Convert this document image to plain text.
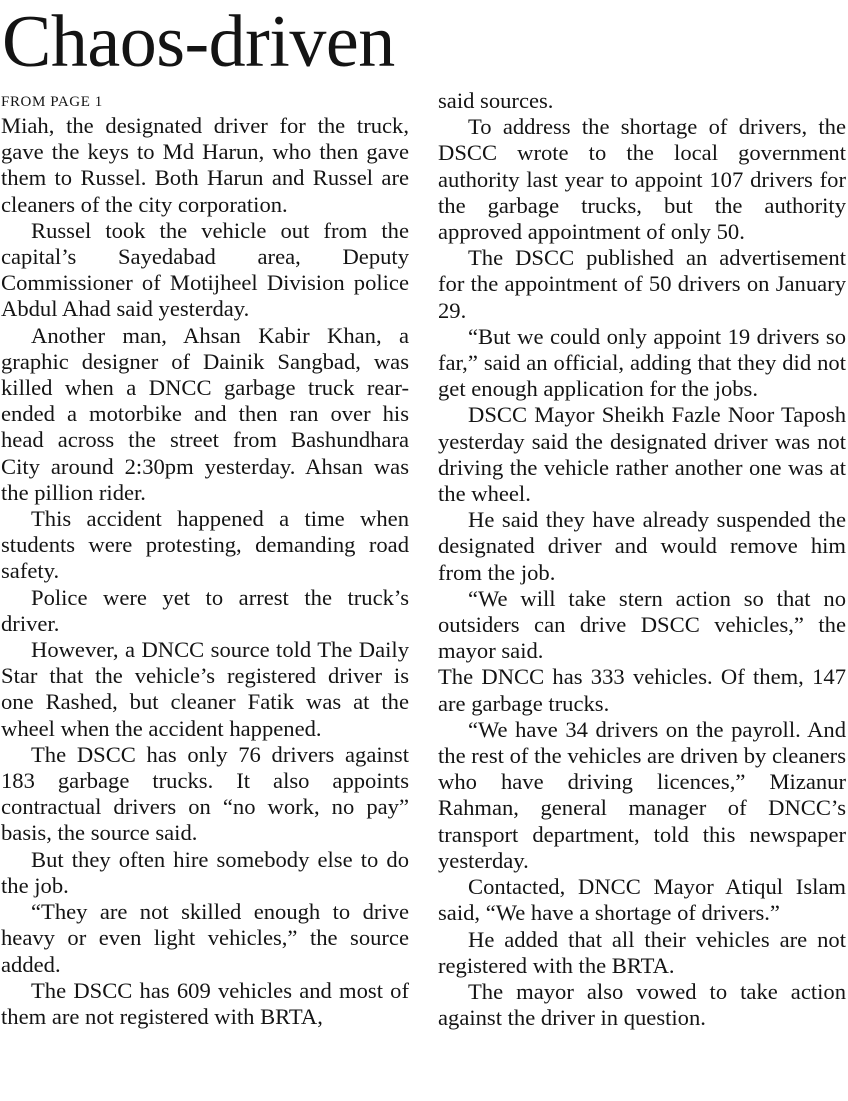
Chaos-driven
FROM PAGE 1

Miah, the designated driver for the truck, gave the keys to Md Harun, who then gave them to Russel. Both Harun and Russel are cleaners of the city corporation.

Russel took the vehicle out from the capital’s Sayedabad area, Deputy Commissioner of Motijheel Division police Abdul Ahad said yesterday.

Another man, Ahsan Kabir Khan, a graphic designer of Dainik Sangbad, was killed when a DNCC garbage truck rear-ended a motorbike and then ran over his head across the street from Bashundhara City around 2:30pm yesterday. Ahsan was the pillion rider.

This accident happened a time when students were protesting, demanding road safety.

Police were yet to arrest the truck’s driver.

However, a DNCC source told The Daily Star that the vehicle’s registered driver is one Rashed, but cleaner Fatik was at the wheel when the accident happened.

The DSCC has only 76 drivers against 183 garbage trucks. It also appoints contractual drivers on “no work, no pay” basis, the source said.

But they often hire somebody else to do the job.

“They are not skilled enough to drive heavy or even light vehicles,” the source added.

The DSCC has 609 vehicles and most of them are not registered with BRTA,

said sources.

To address the shortage of drivers, the DSCC wrote to the local government authority last year to appoint 107 drivers for the garbage trucks, but the authority approved appointment of only 50.

The DSCC published an advertisement for the appointment of 50 drivers on January 29.

“But we could only appoint 19 drivers so far,” said an official, adding that they did not get enough application for the jobs.

DSCC Mayor Sheikh Fazle Noor Taposh yesterday said the designated driver was not driving the vehicle rather another one was at the wheel.

He said they have already suspended the designated driver and would remove him from the job.

“We will take stern action so that no outsiders can drive DSCC vehicles,” the mayor said.

The DNCC has 333 vehicles. Of them, 147 are garbage trucks.

“We have 34 drivers on the payroll. And the rest of the vehicles are driven by cleaners who have driving licences,” Mizanur Rahman, general manager of DNCC’s transport department, told this newspaper yesterday.

Contacted, DNCC Mayor Atiqul Islam said, “We have a shortage of drivers.”

He added that all their vehicles are not registered with the BRTA.

The mayor also vowed to take action against the driver in question.
